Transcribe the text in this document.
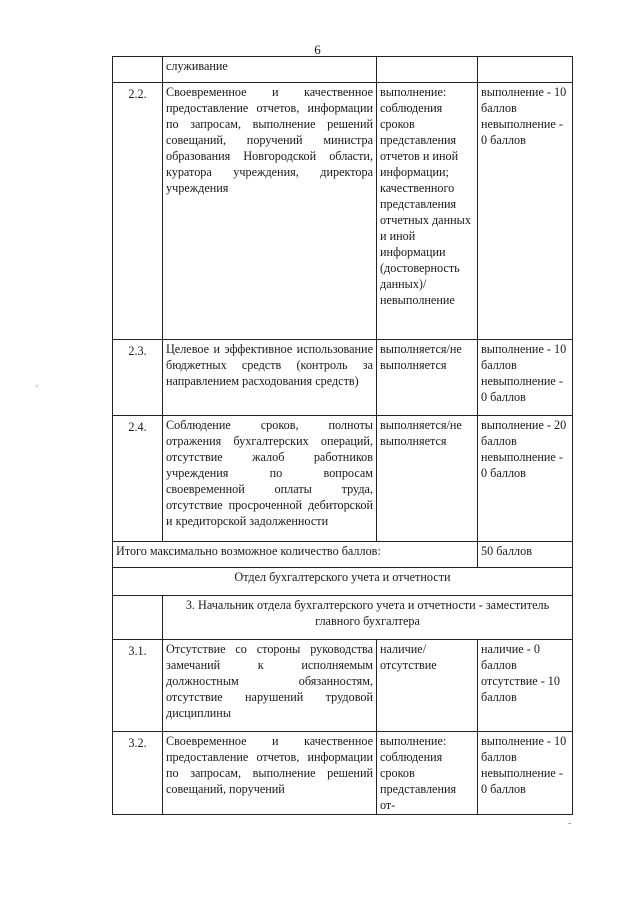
6
	служивание		
2.2.	Своевременное и качественное предоставление отчетов, информации по запросам, выполнение решений совещаний, поручений министра образования Новгородской области, куратора учреждения, директора учреждения	выполнение: соблюдения сроков представления отчетов и иной информации; качественного представления отчетных данных и иной информации (достоверность данных)/невыполнение	выполнение - 10 баллов невыполнение - 0 баллов
2.3.	Целевое и эффективное использование бюджетных средств (контроль за направлением расходования средств)	выполняется/не выполняется	выполнение - 10 баллов невыполнение - 0 баллов
2.4.	Соблюдение сроков, полноты отражения бухгалтерских операций, отсутствие жалоб работников учреждения по вопросам своевременной оплаты труда, отсутствие просроченной дебиторской и кредиторской задолженности	выполняется/не выполняется	выполнение - 20 баллов невыполнение - 0 баллов
Итого максимально возможное количество баллов:			50 баллов
Отдел бухгалтерского учета и отчетности			
	3. Начальник отдела бухгалтерского учета и отчетности - заместитель главного бухгалтера		
3.1.	Отсутствие со стороны руководства замечаний к исполняемым должностным обязанностям, отсутствие нарушений трудовой дисциплины	наличие/отсутствие	наличие - 0 баллов отсутствие - 10 баллов
3.2.	Своевременное и качественное предоставление отчетов, информации по запросам, выполнение решений совещаний, поручений	выполнение: соблюдения сроков представления от-	выполнение - 10 баллов невыполнение - 0 баллов
'
-
